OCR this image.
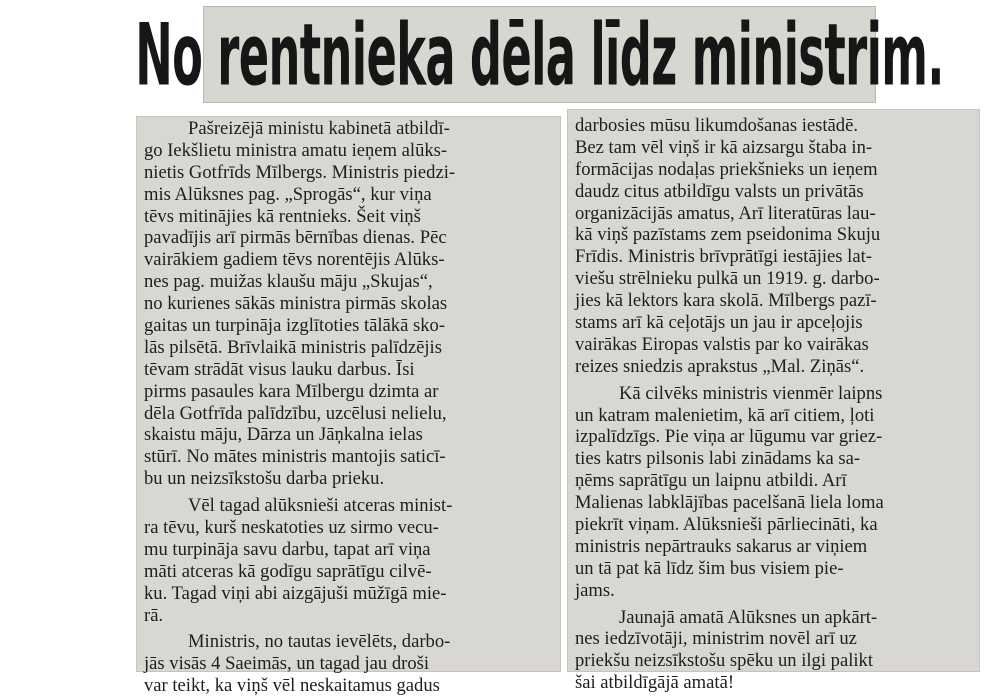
No rentnieka dēla līdz ministrim.
Pašreizējā ministu kabinetā atbildī-
go Iekšlietu ministra amatu ieņem alūks-
nietis Gotfrīds Mīlbergs. Ministris piedzi-
mis Alūksnes pag. „Sprogās“, kur viņa
tēvs mitinājies kā rentnieks. Šeit viņš
pavadījis arī pirmās bērnības dienas. Pēc
vairākiem gadiem tēvs norentējis Alūks-
nes pag. muižas klaušu māju „Skujas“,
no kurienes sākās ministra pirmās skolas
gaitas un turpināja izglītoties tālākā sko-
lās pilsētā. Brīvlaikā ministris palīdzējis
tēvam strādāt visus lauku darbus. Īsi
pirms pasaules kara Mīlbergu dzimta ar
dēla Gotfrīda palīdzību, uzcēlusi nelielu,
skaistu māju, Dārza un Jāņkalna ielas
stūrī. No mātes ministris mantojis saticī-
bu un neizsīkstošu darba prieku.
Vēl tagad alūksnieši atceras minist-
ra tēvu, kurš neskatoties uz sirmo vecu-
mu turpināja savu darbu, tapat arī viņa
māti atceras kā godīgu saprātīgu cilvē-
ku. Tagad viņi abi aizgājuši mūžīgā mie-
rā.
Ministris, no tautas ievēlēts, darbo-
jās visās 4 Saeimās, un tagad jau droši
var teikt, ka viņš vēl neskaitamus gadus
darbosies mūsu likumdošanas iestādē.
Bez tam vēl viņš ir kā aizsargu štaba in-
formācijas nodaļas priekšnieks un ieņem
daudz citus atbildīgu valsts un privātās
organizācijās amatus, Arī literatūras lau-
kā viņš pazīstams zem pseidonima Skuju
Frīdis. Ministris brīvprātīgi iestājies lat-
viešu strēlnieku pulkā un 1919. g. darbo-
jies kā lektors kara skolā. Mīlbergs pazī-
stams arī kā ceļotājs un jau ir apceļojis
vairākas Eiropas valstis par ko vairākas
reizes sniedzis aprakstus „Mal. Ziņās“.
Kā cilvēks ministris vienmēr laipns
un katram malenietim, kā arī citiem, ļoti
izpalīdzīgs. Pie viņa ar lūgumu var griez-
ties katrs pilsonis labi zinādams ka sa-
ņēms saprātīgu un laipnu atbildi. Arī
Malienas labklājības pacelšanā liela loma
piekrīt viņam. Alūksnieši pārliecināti, ka
ministris nepārtrauks sakarus ar viņiem
un tā pat kā līdz šim bus visiem pie-
jams.
Jaunajā amatā Alūksnes un apkārt-
nes iedzīvotāji, ministrim novēl arī uz
priekšu neizsīkstošu spēku un ilgi palikt
šai atbildīgājā amatā!
